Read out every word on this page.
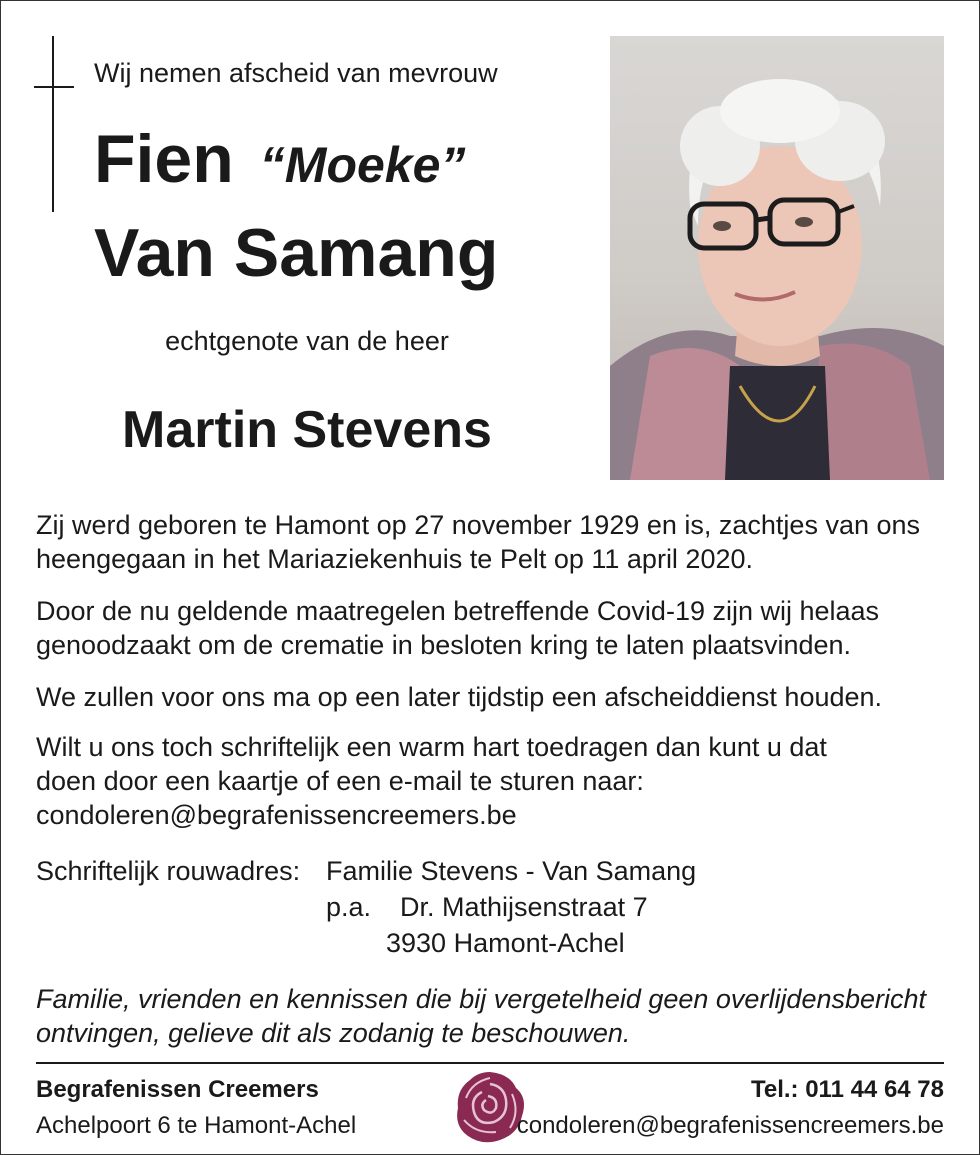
Wij nemen afscheid van mevrouw
Fien “Moeke”
Van Samang
echtgenote van de heer
Martin Stevens
Zij werd geboren te Hamont op 27 november 1929 en is, zachtjes van ons heengegaan in het Mariaziekenhuis te Pelt op 11 april 2020.
Door de nu geldende maatregelen betreffende Covid-19 zijn wij helaas genoodzaakt om de crematie in besloten kring te laten plaatsvinden.
We zullen voor ons ma op een later tijdstip een afscheiddienst houden.
Wilt u ons toch schriftelijk een warm hart toedragen dan kunt u dat
doen door een kaartje of een e-mail te sturen naar:
condoleren@begrafenissencreemers.be
Schriftelijk rouwadres: Familie Stevens - Van Samang
p.a. Dr. Mathijsenstraat 7
3930 Hamont-Achel
Familie, vrienden en kennissen die bij vergetelheid geen overlijdensbericht ontvingen, gelieve dit als zodanig te beschouwen.
Begrafenissen Creemers
Achelpoort 6 te Hamont-Achel
Tel.: 011 44 64 78
condoleren@begrafenissencreemers.be
